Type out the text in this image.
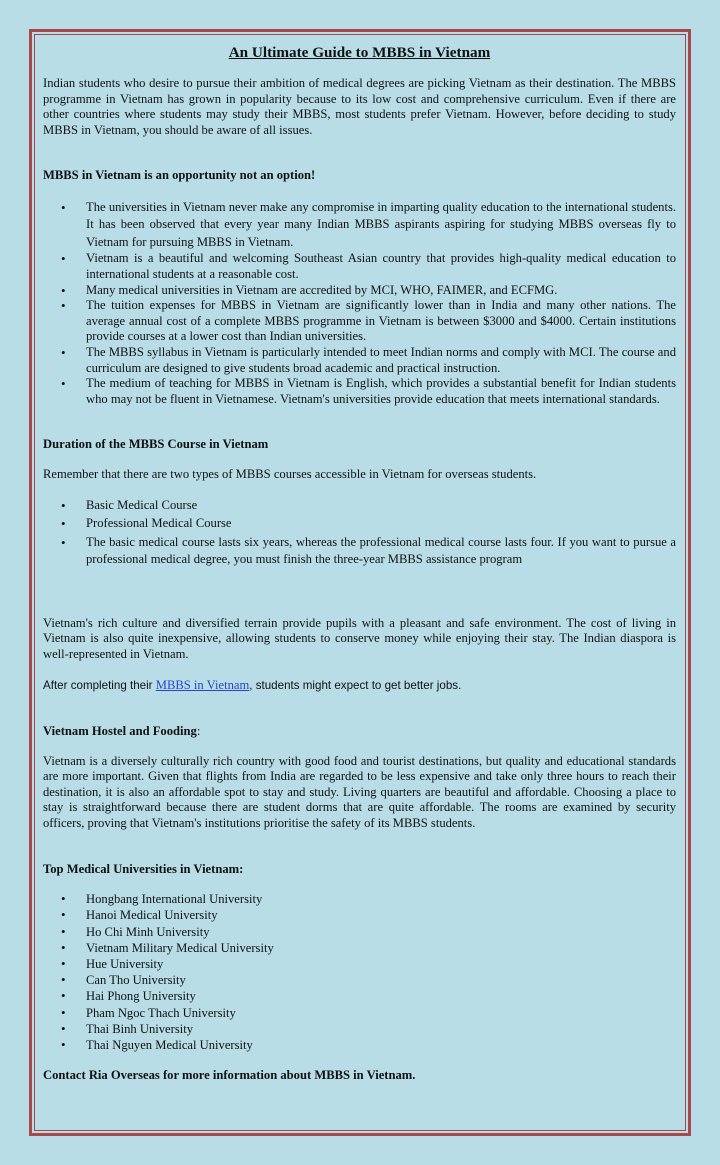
An Ultimate Guide to MBBS in Vietnam

Indian students who desire to pursue their ambition of medical degrees are picking Vietnam as their destination. The MBBS programme in Vietnam has grown in popularity because to its low cost and comprehensive curriculum. Even if there are other countries where students may study their MBBS, most students prefer Vietnam. However, before deciding to study MBBS in Vietnam, you should be aware of all issues.

MBBS in Vietnam is an opportunity not an option!

• The universities in Vietnam never make any compromise in imparting quality education to the international students. It has been observed that every year many Indian MBBS aspirants aspiring for studying MBBS overseas fly to Vietnam for pursuing MBBS in Vietnam.
• Vietnam is a beautiful and welcoming Southeast Asian country that provides high-quality medical education to international students at a reasonable cost.
• Many medical universities in Vietnam are accredited by MCI, WHO, FAIMER, and ECFMG.
• The tuition expenses for MBBS in Vietnam are significantly lower than in India and many other nations. The average annual cost of a complete MBBS programme in Vietnam is between $3000 and $4000. Certain institutions provide courses at a lower cost than Indian universities.
• The MBBS syllabus in Vietnam is particularly intended to meet Indian norms and comply with MCI. The course and curriculum are designed to give students broad academic and practical instruction.
• The medium of teaching for MBBS in Vietnam is English, which provides a substantial benefit for Indian students who may not be fluent in Vietnamese. Vietnam's universities provide education that meets international standards.

Duration of the MBBS Course in Vietnam

Remember that there are two types of MBBS courses accessible in Vietnam for overseas students.

• Basic Medical Course
• Professional Medical Course
• The basic medical course lasts six years, whereas the professional medical course lasts four. If you want to pursue a professional medical degree, you must finish the three-year MBBS assistance program

Vietnam's rich culture and diversified terrain provide pupils with a pleasant and safe environment. The cost of living in Vietnam is also quite inexpensive, allowing students to conserve money while enjoying their stay. The Indian diaspora is well-represented in Vietnam.

After completing their MBBS in Vietnam, students might expect to get better jobs.

Vietnam Hostel and Fooding:

Vietnam is a diversely culturally rich country with good food and tourist destinations, but quality and educational standards are more important. Given that flights from India are regarded to be less expensive and take only three hours to reach their destination, it is also an affordable spot to stay and study. Living quarters are beautiful and affordable. Choosing a place to stay is straightforward because there are student dorms that are quite affordable. The rooms are examined by security officers, proving that Vietnam's institutions prioritise the safety of its MBBS students.

Top Medical Universities in Vietnam:

• Hongbang International University
• Hanoi Medical University
• Ho Chi Minh University
• Vietnam Military Medical University
• Hue University
• Can Tho University
• Hai Phong University
• Pham Ngoc Thach University
• Thai Binh University
• Thai Nguyen Medical University

Contact Ria Overseas for more information about MBBS in Vietnam.
